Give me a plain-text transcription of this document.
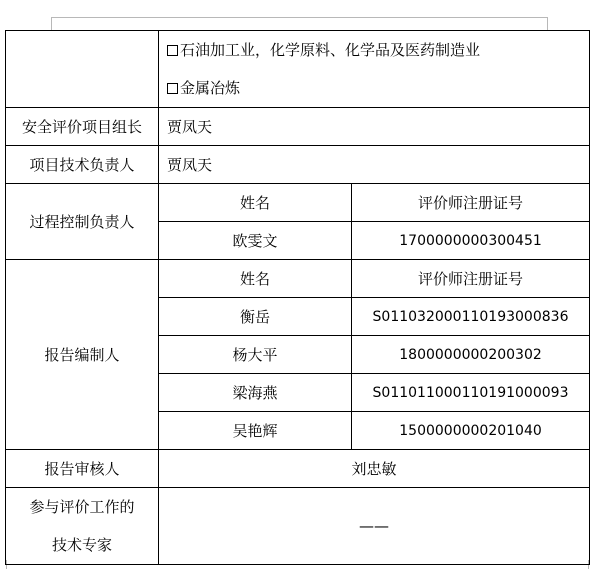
	石油加工业，化学原料、化学品及医药制造业
金属冶炼	

安全评价项目组长	贾凤天	
项目技术负责人	贾凤天	
过程控制负责人	姓名	评价师注册证号
	欧雯文	1700000000300451
报告编制人	姓名	评价师注册证号
	衡岳	S011032000110193000836
	杨大平	1800000000200302
	梁海燕	S011011000110191000093
	吴艳辉	1500000000201040
报告审核人	刘忠敏	

参与评价工作的
技术专家	——	
